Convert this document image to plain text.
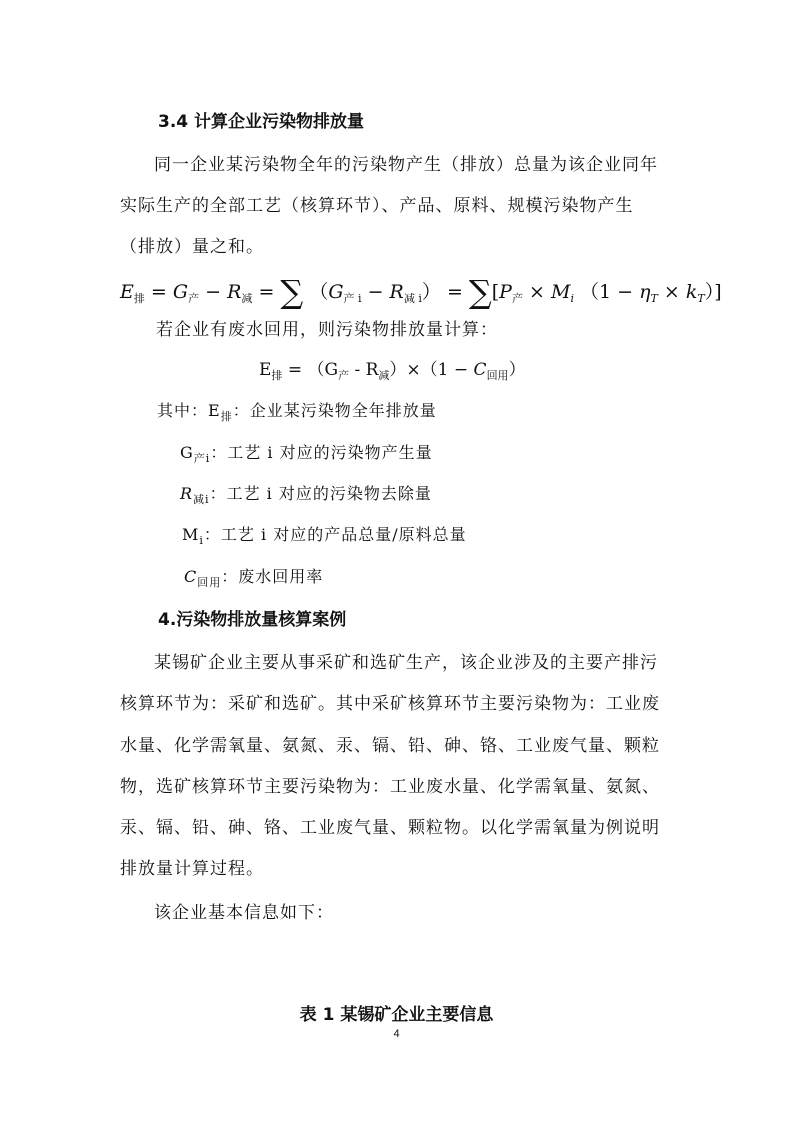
3.4 计算企业污染物排放量
同一企业某污染物全年的污染物产生（排放）总量为该企业同年
实际生产的全部工艺（核算环节）、产品、原料、规模污染物产生
（排放）量之和。
$E_排 = G_产 - R_减$ = ∑ $(G_{产 i} - R_{减 i}) = \sum[P_产 \times M_i$ $(1 - \eta_T \times k_T)$]
若企业有废水回用，则污染物排放量计算：
$E_排 = (G_产 - R_减)\times(1 - C_{回用})$
其中：$E_排$：企业某污染物全年排放量
$G_{产i}$：工艺 i 对应的污染物产生量
$R_{减i}$：工艺 i 对应的污染物去除量
$M_i$：工艺 i 对应的产品总量/原料总量
$C_{回用}$：废水回用率
4.污染物排放量核算案例
某锡矿企业主要从事采矿和选矿生产，该企业涉及的主要产排污
核算环节为：采矿和选矿。其中采矿核算环节主要污染物为：工业废
水量、化学需氧量、氨氮、汞、镉、铅、砷、铬、工业废气量、颗粒
物，选矿核算环节主要污染物为：工业废水量、化学需氧量、氨氮、
汞、镉、铅、砷、铬、工业废气量、颗粒物。以化学需氧量为例说明
排放量计算过程。
该企业基本信息如下：
表 1 某锡矿企业主要信息
4
